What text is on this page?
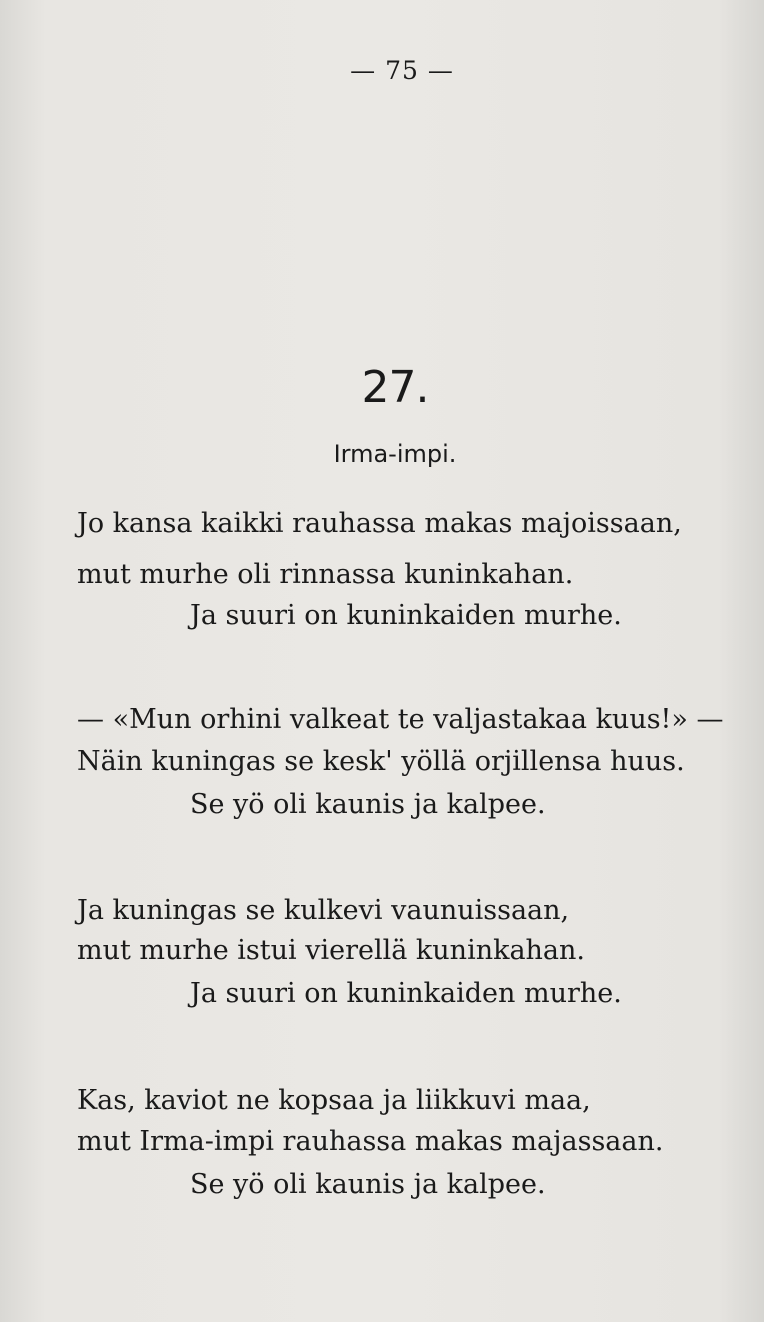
— 75 —
27.
Irma-impi.
Jo kansa kaikki rauhassa makas majoissaan,
mut murhe oli rinnassa kuninkahan.
Ja suuri on kuninkaiden murhe.
— «Mun orhini valkeat te valjastakaa kuus!» —
Näin kuningas se kesk' yöllä orjillensa huus.
Se yö oli kaunis ja kalpee.
Ja kuningas se kulkevi vaunuissaan,
mut murhe istui vierellä kuninkahan.
Ja suuri on kuninkaiden murhe.
Kas, kaviot ne kopsaa ja liikkuvi maa,
mut Irma-impi rauhassa makas majassaan.
Se yö oli kaunis ja kalpee.
